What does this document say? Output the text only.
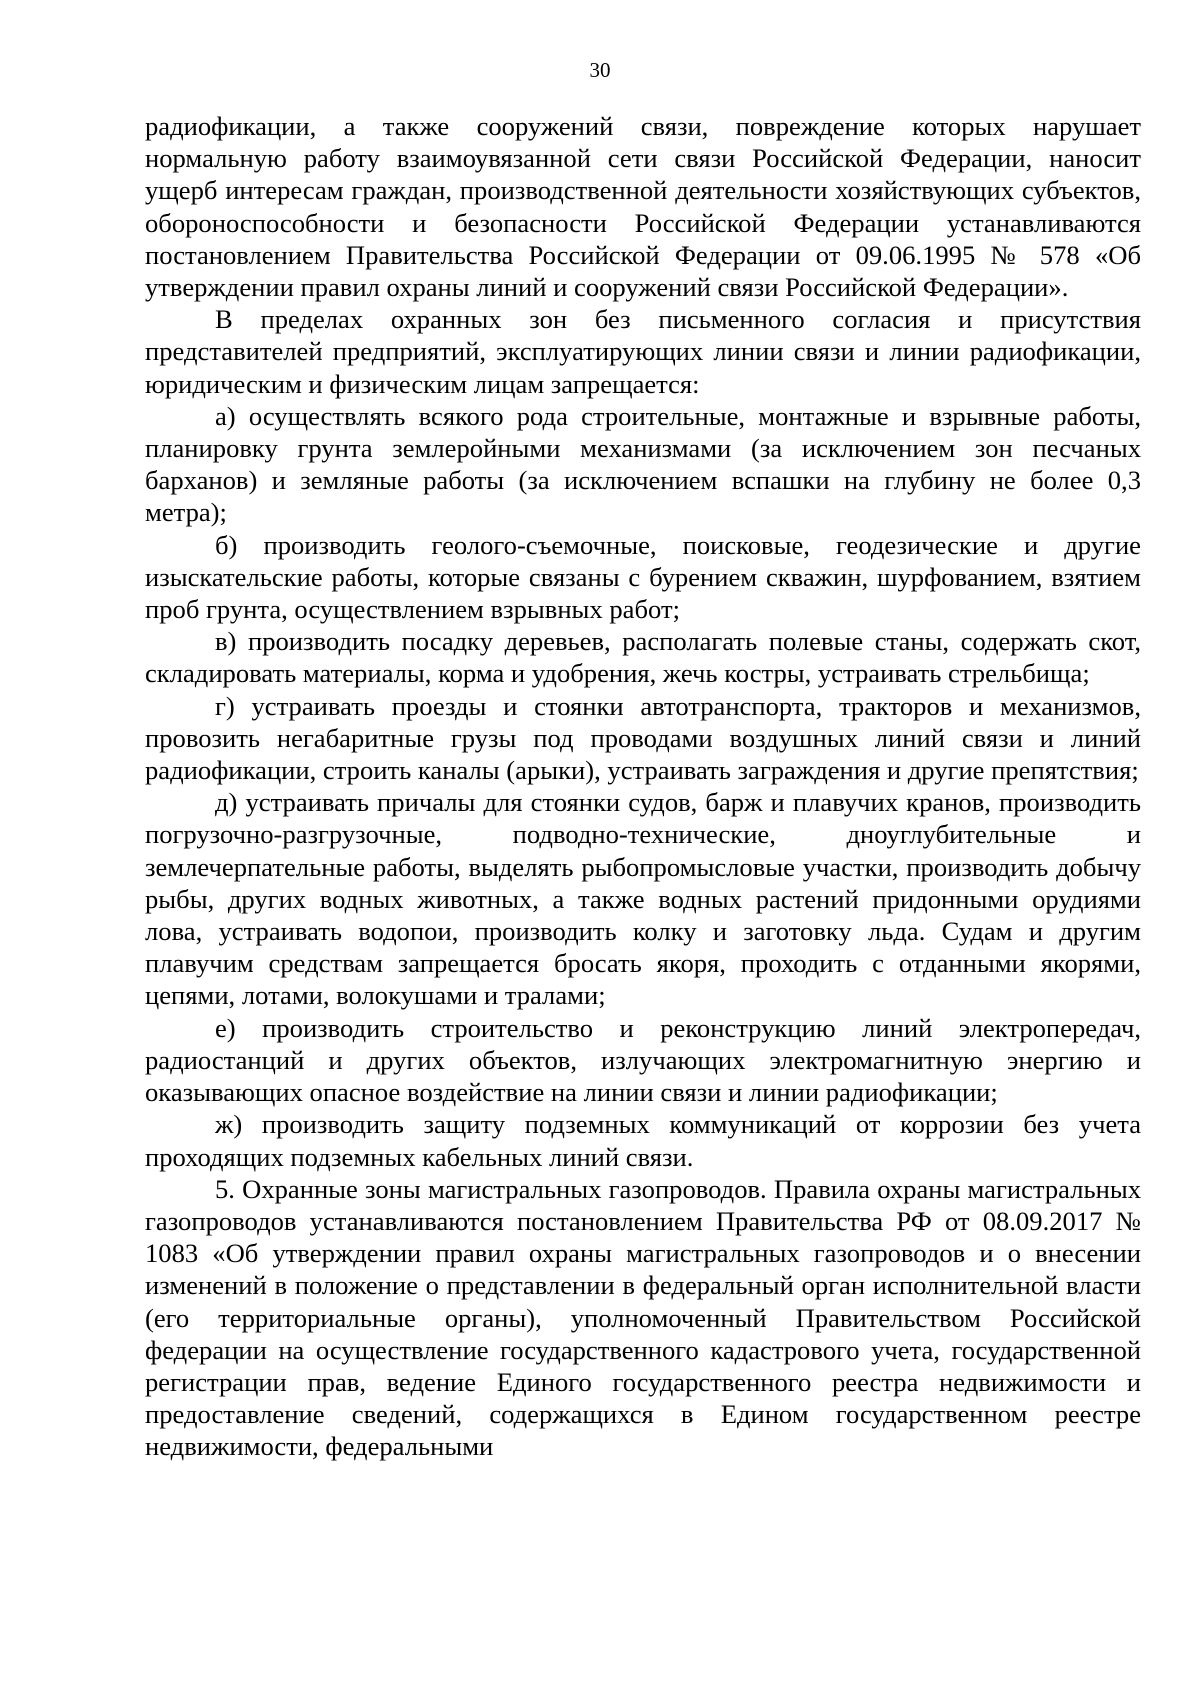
30

радиофикации, а также сооружений связи, повреждение которых нарушает нормальную работу взаимоувязанной сети связи Российской Федерации, наносит ущерб интересам граждан, производственной деятельности хозяйствующих субъектов, обороноспособности и безопасности Российской Федерации устанавливаются постановлением Правительства Российской Федерации от 09.06.1995 № 578 «Об утверждении правил охраны линий и сооружений связи Российской Федерации».

В пределах охранных зон без письменного согласия и присутствия представителей предприятий, эксплуатирующих линии связи и линии радиофикации, юридическим и физическим лицам запрещается:

а) осуществлять всякого рода строительные, монтажные и взрывные работы, планировку грунта землеройными механизмами (за исключением зон песчаных барханов) и земляные работы (за исключением вспашки на глубину не более 0,3 метра);

б) производить геолого-съемочные, поисковые, геодезические и другие изыскательские работы, которые связаны с бурением скважин, шурфованием, взятием проб грунта, осуществлением взрывных работ;

в) производить посадку деревьев, располагать полевые станы, содержать скот, складировать материалы, корма и удобрения, жечь костры, устраивать стрельбища;

г) устраивать проезды и стоянки автотранспорта, тракторов и механизмов, провозить негабаритные грузы под проводами воздушных линий связи и линий радиофикации, строить каналы (арыки), устраивать заграждения и другие препятствия;

д) устраивать причалы для стоянки судов, барж и плавучих кранов, производить погрузочно-разгрузочные, подводно-технические, дноуглубительные и землечерпательные работы, выделять рыбопромысловые участки, производить добычу рыбы, других водных животных, а также водных растений придонными орудиями лова, устраивать водопои, производить колку и заготовку льда. Судам и другим плавучим средствам запрещается бросать якоря, проходить с отданными якорями, цепями, лотами, волокушами и тралами;

е) производить строительство и реконструкцию линий электропередач, радиостанций и других объектов, излучающих электромагнитную энергию и оказывающих опасное воздействие на линии связи и линии радиофикации;

ж) производить защиту подземных коммуникаций от коррозии без учета проходящих подземных кабельных линий связи.

5. Охранные зоны магистральных газопроводов. Правила охраны магистральных газопроводов устанавливаются постановлением Правительства РФ от 08.09.2017 № 1083 «Об утверждении правил охраны магистральных газопроводов и о внесении изменений в положение о представлении в федеральный орган исполнительной власти (его территориальные органы), уполномоченный Правительством Российской федерации на осуществление государственного кадастрового учета, государственной регистрации прав, ведение Единого государственного реестра недвижимости и предоставление сведений, содержащихся в Едином государственном реестре недвижимости, федеральными
